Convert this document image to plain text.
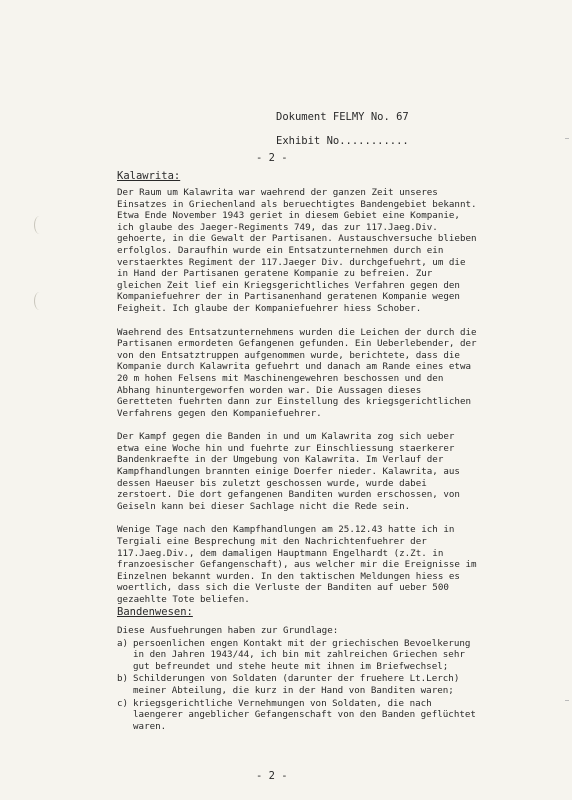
Dokument FELMY No. 67
Exhibit No...........
- 2 -
Kalawrita:

Der Raum um Kalawrita war waehrend der ganzen Zeit unseres Einsatzes in Griechenland als beruechtigtes Bandengebiet bekannt. Etwa Ende November 1943 geriet in diesem Gebiet eine Kompanie, ich glaube des Jaeger-Regiments 749, das zur 117.Jaeg.Div. gehoerte, in die Gewalt der Partisanen. Austauschversuche blieben erfolglos. Daraufhin wurde ein Entsatzunternehmen durch ein verstaerktes Regiment der 117.Jaeger Div. durchgefuehrt, um die in Hand der Partisanen geratene Kompanie zu befreien. Zur gleichen Zeit lief ein Kriegsgerichtliches Verfahren gegen den Kompaniefuehrer der in Partisanenhand geratenen Kompanie wegen Feigheit. Ich glaube der Kompaniefuehrer hiess Schober.

Waehrend des Entsatzunternehmens wurden die Leichen der durch die Partisanen ermordeten Gefangenen gefunden. Ein Ueberlebender, der von den Entsatztruppen aufgenommen wurde, berichtete, dass die Kompanie durch Kalawrita gefuehrt und danach am Rande eines etwa 20 m hohen Felsens mit Maschinengewehren beschossen und den Abhang hinuntergeworfen worden war. Die Aussagen dieses Geretteten fuehrten dann zur Einstellung des kriegsgerichtlichen Verfahrens gegen den Kompaniefuehrer.

Der Kampf gegen die Banden in und um Kalawrita zog sich ueber etwa eine Woche hin und fuehrte zur Einschliessung staerkerer Bandenkraefte in der Umgebung von Kalawrita. Im Verlauf der Kampfhandlungen brannten einige Doerfer nieder. Kalawrita, aus dessen Haeuser bis zuletzt geschossen wurde, wurde dabei zerstoert. Die dort gefangenen Banditen wurden erschossen, von Geiseln kann bei dieser Sachlage nicht die Rede sein.

Wenige Tage nach den Kampfhandlungen am 25.12.43 hatte ich in Tergiali eine Besprechung mit den Nachrichtenfuehrer der 117.Jaeg.Div., dem damaligen Hauptmann Engelhardt (z.Zt. in franzoesischer Gefangenschaft), aus welcher mir die Ereignisse im Einzelnen bekannt wurden. In den taktischen Meldungen hiess es woertlich, dass sich die Verluste der Banditen auf ueber 500 gezaehlte Tote beliefen.

Bandenwesen:

Diese Ausfuehrungen haben zur Grundlage:

a) persoenlichen engen Kontakt mit der griechischen Bevoelkerung in den Jahren 1943/44, ich bin mit zahlreichen Griechen sehr gut befreundet und stehe heute mit ihnen im Briefwechsel;
b) Schilderungen von Soldaten (darunter der fruehere Lt.Lerch) meiner Abteilung, die kurz in der Hand von Banditen waren;
c) kriegsgerichtliche Vernehmungen von Soldaten, die nach laengerer angeblicher Gefangenschaft von den Banden geflüchtet waren.
- 2 -
